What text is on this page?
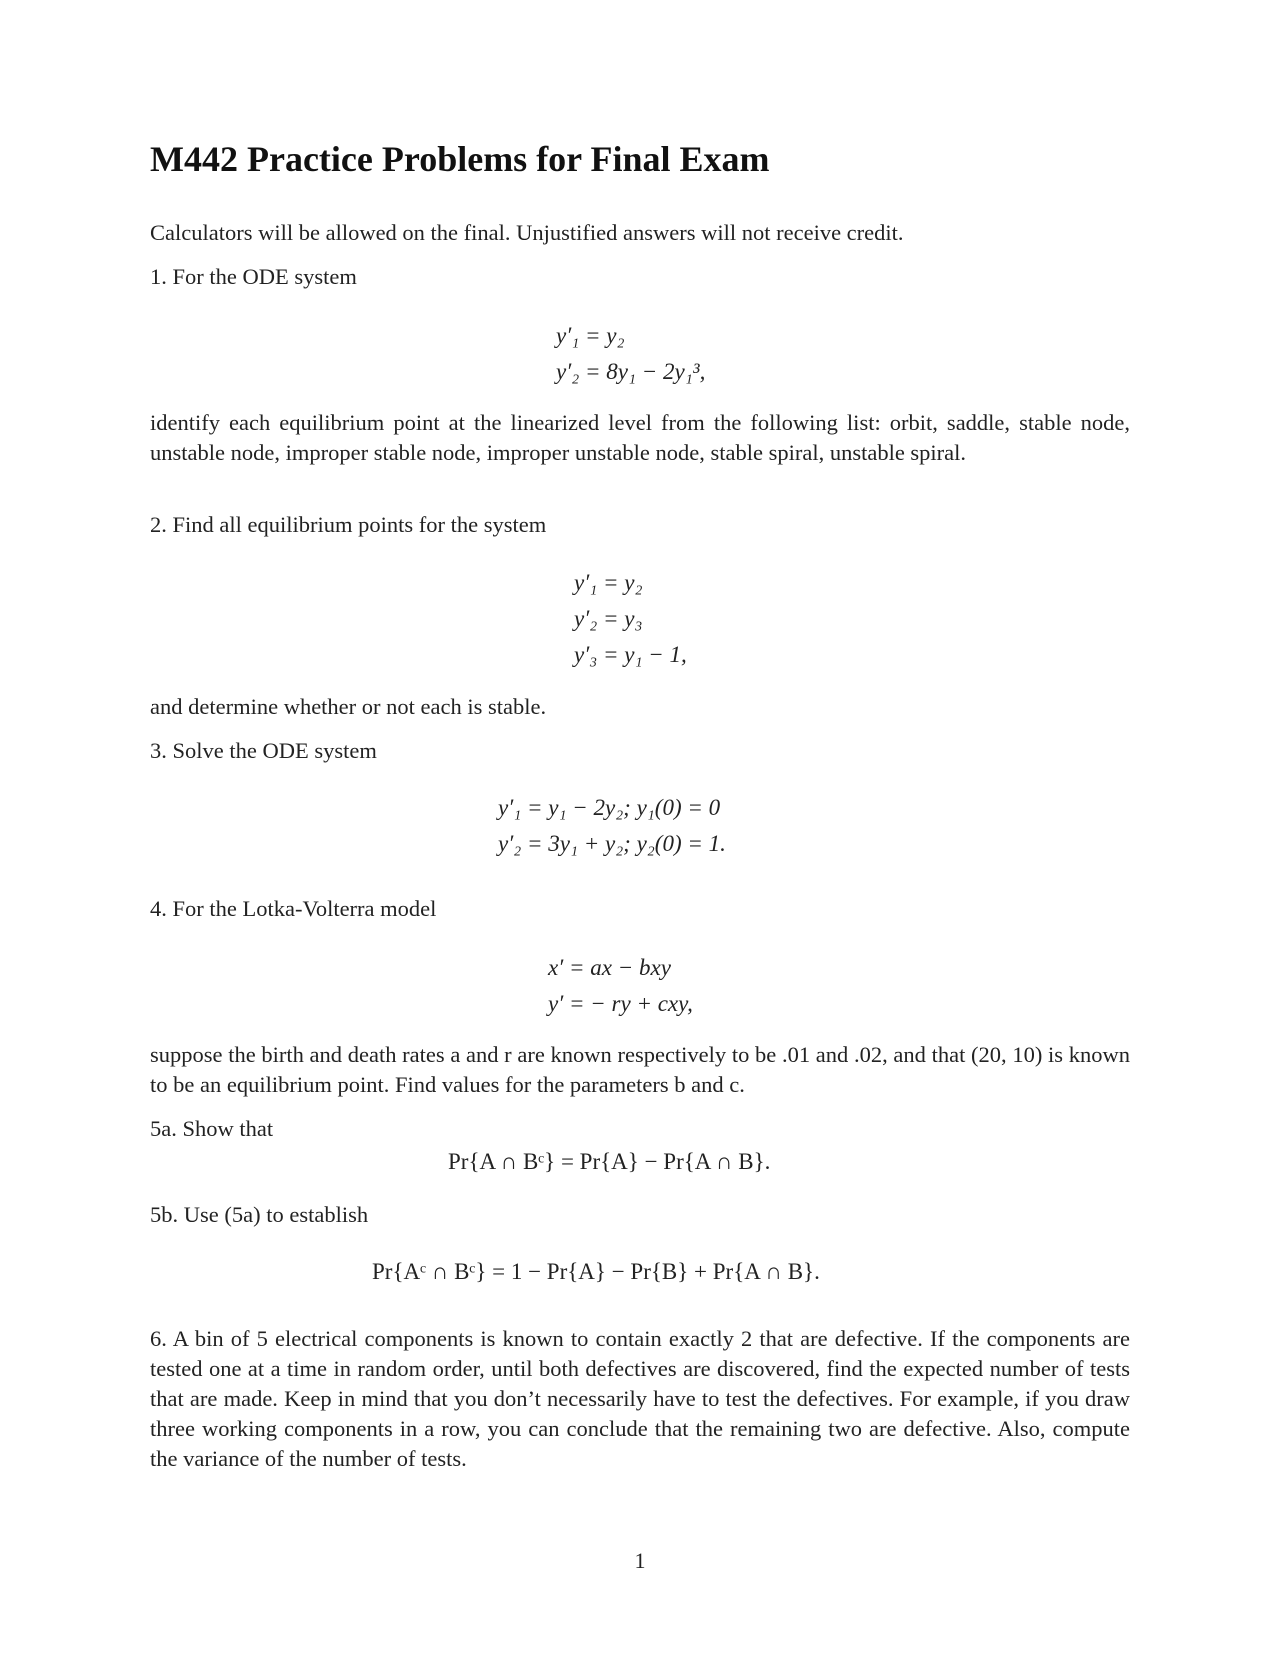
M442 Practice Problems for Final Exam
Calculators will be allowed on the final. Unjustified answers will not receive credit.
1. For the ODE system
y′₁ = y₂
y′₂ = 8y₁ − 2y₁³,
identify each equilibrium point at the linearized level from the following list: orbit, saddle, stable node, unstable node, improper stable node, improper unstable node, stable spiral, unstable spiral.
2. Find all equilibrium points for the system
y′₁ = y₂
y′₂ = y₃
y′₃ = y₁ − 1,
and determine whether or not each is stable.
3. Solve the ODE system
y′₁ = y₁ − 2y₂; y₁(0) = 0
y′₂ = 3y₁ + y₂; y₂(0) = 1.
4. For the Lotka-Volterra model
x′ = ax − bxy
y′ = − ry + cxy,
suppose the birth and death rates a and r are known respectively to be .01 and .02, and that (20, 10) is known to be an equilibrium point. Find values for the parameters b and c.
5a. Show that
Pr{A ∩ Bᶜ} = Pr{A} − Pr{A ∩ B}.
5b. Use (5a) to establish
Pr{Aᶜ ∩ Bᶜ} = 1 − Pr{A} − Pr{B} + Pr{A ∩ B}.
6. A bin of 5 electrical components is known to contain exactly 2 that are defective. If the components are tested one at a time in random order, until both defectives are discovered, find the expected number of tests that are made. Keep in mind that you don’t necessarily have to test the defectives. For example, if you draw three working components in a row, you can conclude that the remaining two are defective. Also, compute the variance of the number of tests.
1
